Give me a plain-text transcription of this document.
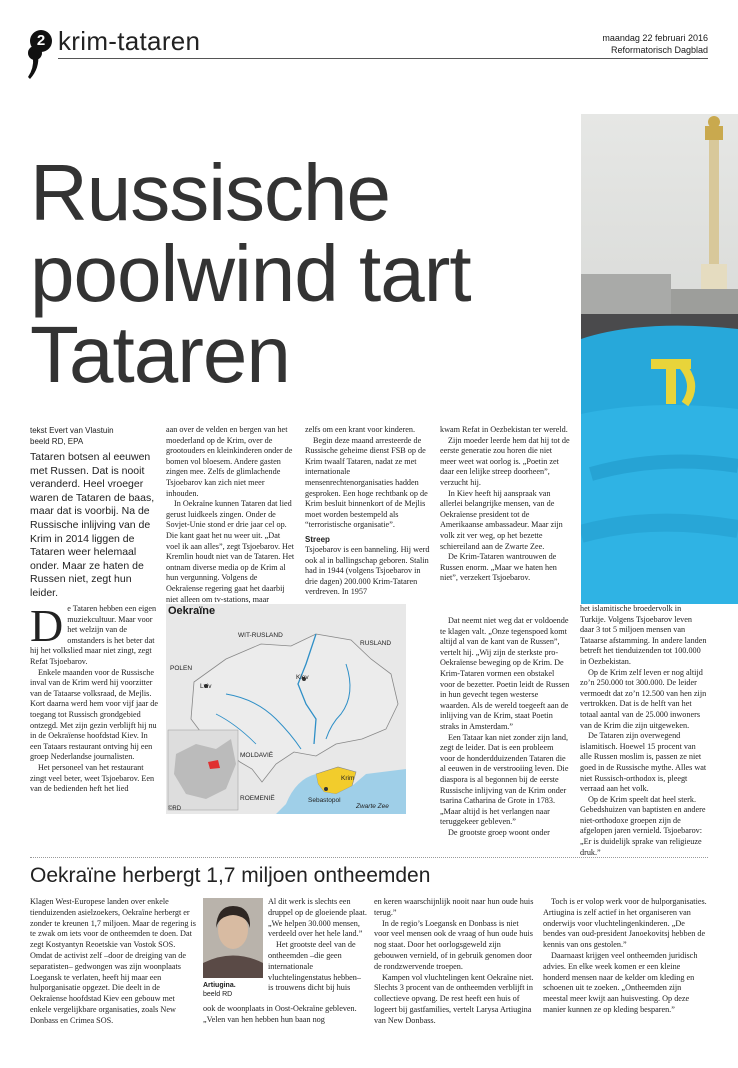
2 krim-tataren	maandag 22 februari 2016
Reformatorisch Dagblad
Russische
poolwind tart
Tataren
tekst Evert van Vlastuin
beeld RD, EPA
Tataren botsen al eeuwen met Russen. Dat is nooit veranderd. Heel vroeger waren de Tataren de baas, maar dat is voorbij. Na de Russische inlijving van de Krim in 2014 liggen de Tataren weer helemaal onder. Maar ze haten de Russen niet, zegt hun leider.
D e Tataren hebben een eigen muziekcultuur. Maar voor het welzijn van de omstanders is het beter dat hij het volkslied maar niet zingt, zegt Refat Tsjoebarov.

Enkele maanden voor de Russische inval van de Krim werd hij voorzitter van de Tataarse volksraad, de Mejlis. Kort daarna werd hem voor vijf jaar de toegang tot Russisch grondgebied ontzegd. Met zijn gezin verblijft hij nu in de Oekraïense hoofdstad Kiev. In een Tataars restaurant ontving hij een groep Nederlandse journalisten.

Het personeel van het restaurant zingt veel beter, weet Tsjoebarov. Een van de bedienden heft het lied

aan over de velden en bergen van het moederland op de Krim, over de grootouders en kleinkinderen onder de bomen vol bloesem. Andere gasten zingen mee. Zelfs de glimlachende Tsjoebarov kan zich niet meer inhouden.

In Oekraïne kunnen Tataren dat lied gerust luidkeels zingen. Onder de Sovjet-Unie stond er drie jaar cel op. Die kant gaat het nu weer uit. „Dat voel ik aan alles”, zegt Tsjoebarov. Het Kremlin houdt niet van de Tataren. Het ontnam diverse media op de Krim al hun vergunning. Volgens de Oekraïense regering gaat het daarbij niet alleen om tv-stations, maar

zelfs om een krant voor kinderen.

Begin deze maand arresteerde de Russische geheime dienst FSB op de Krim twaalf Tataren, nadat ze met internationale mensenrechtenorganisaties hadden gesproken. Een hoge rechtbank op de Krim besluit binnenkort of de Mejlis moet worden bestempeld als “terroristische organisatie”.

Streep

Tsjoebarov is een banneling. Hij werd ook al in ballingschap geboren. Stalin had in 1944 (volgens Tsjoebarov in drie dagen) 200.000 Krim-Tataren verdreven. In 1957

Dat neemt niet weg dat er voldoende te klagen valt. „Onze tegenspoed komt altijd al van de kant van de Russen”, vertelt hij. „Wij zijn de sterkste pro-Oekraïense beweging op de Krim. De Krim-Tataren vormen een obstakel voor de bezetter. Poetin leidt de Russen in hun gevecht tegen westerse waarden. Als de wereld toegeeft aan de inlijving van de Krim, staat Poetin straks in Amsterdam.”

Een Tataar kan niet zonder zijn land, zegt de leider. Dat is een probleem voor de honderdduizenden Tataren die al eeuwen in de verstrooiing leven. Die diaspora is al begonnen bij de eerste Russische inlijving van de Krim onder tsarina Catharina de Grote in 1783. „Maar altijd is het verlangen naar teruggekeer gebleven.”

De grootste groep woont onder

kwam Refat in Oezbekistan ter wereld.

Zijn moeder leerde hem dat hij tot de eerste generatie zou horen die niet meer weet wat oorlog is. „Poetin zet daar een lelijke streep doorheen”, verzucht hij.

In Kiev heeft hij aanspraak van allerlei belangrijke mensen, van de Oekraïense president tot de Amerikaanse ambassadeur. Maar zijn volk zit ver weg, op het bezette schiereiland aan de Zwarte Zee.

De Krim-Tataren wantrouwen de Russen enorm. „Maar we haten hen niet”, verzekert Tsjoebarov.

het islamitische broedervolk in Turkije. Volgens Tsjoebarov leven daar 3 tot 5 miljoen mensen van Tataarse afstamming. In andere landen betreft het tienduizenden tot 100.000 in Oezbekistan.

Op de Krim zelf leven er nog altijd zo’n 250.000 tot 300.000. De leider vermoedt dat zo’n 12.500 van hen zijn vertrokken. Dat is de helft van het totaal aantal van de 25.000 inwoners van de Krim die zijn uitgeweken.

De Tataren zijn overwegend islamitisch. Hoewel 15 procent van alle Russen moslim is, passen ze niet goed in de Russische mythe. Alles wat niet Russisch-orthodox is, pleegt verraad aan het volk.

Op de Krim speelt dat heel sterk. Gebedshuizen van baptisten en andere niet-orthodoxe groepen zijn de afgelopen jaren vernield. Tsjoebarov: „Er is duidelijk sprake van religieuze druk.”

Oekraïne
WIT-RUSLAND
RUSLAND
POLEN
Lviv
Kiev
MOLDAVIË
ROEMENIË
Krim
Sebastopol
Zwarte Zee
©RD
Oekraïne herbergt 1,7 miljoen ontheemden

Klagen West-Europese landen over enkele tienduizenden asielzoekers, Oekraïne herbergt er zonder te kreunen 1,7 miljoen. Maar de regering is te zwak om iets voor de ontheemden te doen. Dat zegt Kostyantyn Reoetskie van Vostok SOS. Omdat de activist zelf –door de dreiging van de separatisten– gedwongen was zijn woonplaats Loegansk te verlaten, heeft hij maar een hulporganisatie opgezet. Die deelt in de Oekraïense hoofdstad Kiev een gebouw met enkele vergelijkbare organisaties, zoals New Donbass en Crimea SOS.

Artiugina.
beeld RD

Al dit werk is slechts een druppel op de gloeiende plaat. „We helpen 30.000 mensen, verdeeld over het hele land.”

Het grootste deel van de ontheemden –die geen internationale vluchtelingenstatus hebben– is trouwens dicht bij huis

ook de woonplaats in Oost-Oekraïne gebleven. „Velen van hen hebben hun baan nog

en keren waarschijnlijk nooit naar hun oude huis terug.”

In de regio’s Loegansk en Donbass is niet voor veel mensen ook de vraag of hun oude huis nog staat. Door het oorlogsgeweld zijn gebouwen vernield, of in gebruik genomen door de rondzwervende troepen.

Kampen vol vluchtelingen kent Oekraïne niet. Slechts 3 procent van de ontheemden verblijft in collectieve opvang. De rest heeft een huis of logeert bij gastfamilies, vertelt Larysa Artiugina van New Donbass.

Toch is er volop werk voor de hulporganisaties. Artiugina is zelf actief in het organiseren van onderwijs voor vluchtelingenkinderen. „De bendes van oud-president Janoekovitsj hebben de kennis van ons gestolen.”

Daarnaast krijgen veel ontheemden juridisch advies. En elke week komen er een kleine honderd mensen naar de kelder om kleding en schoenen uit te zoeken. „Ontheemden zijn meestal meer kwijt aan huisvesting. Op deze manier kunnen ze op kleding besparen.”
